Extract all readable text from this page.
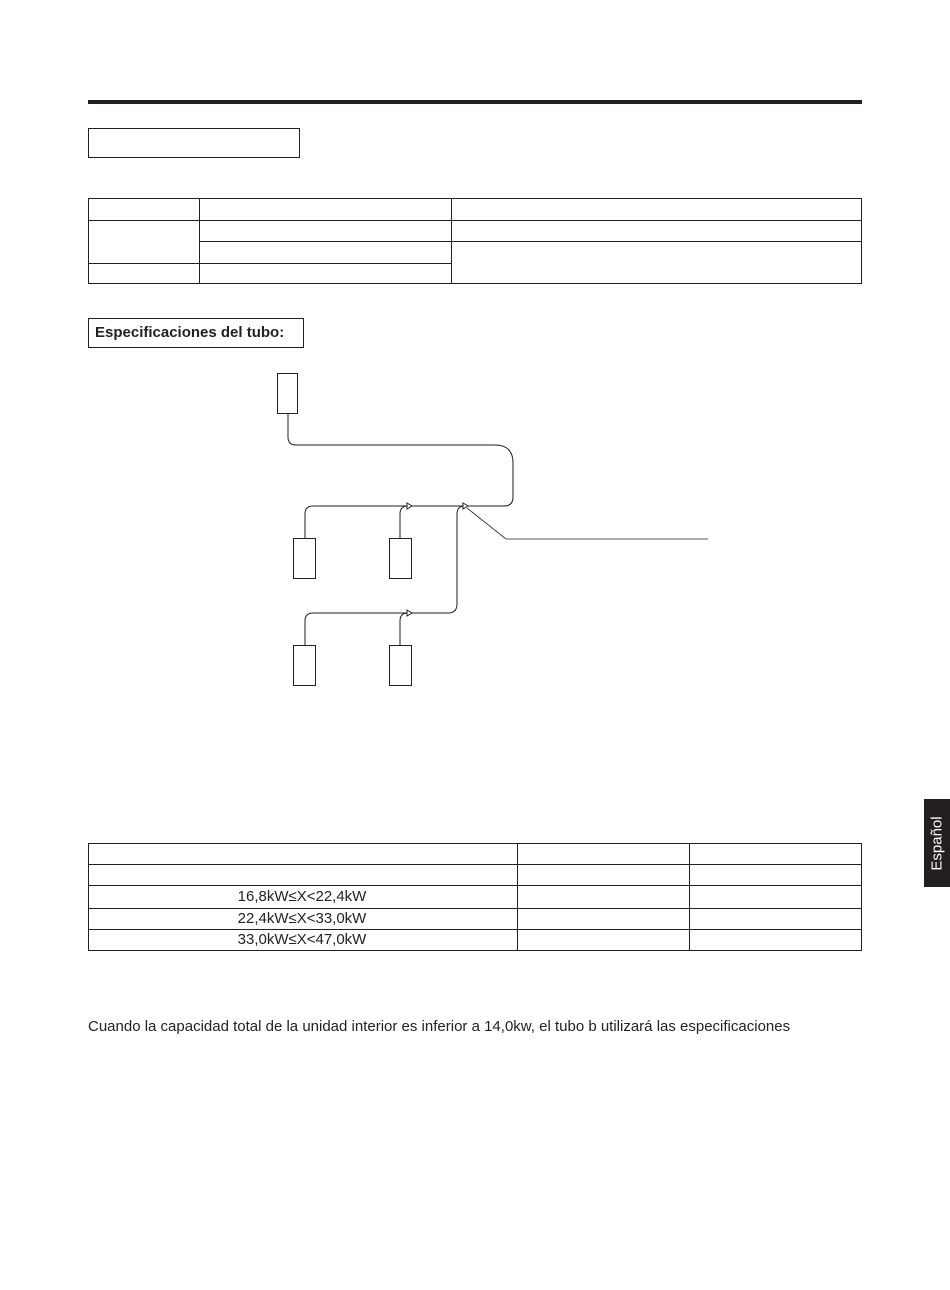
Especificaciones del tubo:
16,8kW≤X<22,4kW
22,4kW≤X<33,0kW
33,0kW≤X<47,0kW
Cuando la capacidad total de la unidad interior es inferior a 14,0kw, el tubo b utilizará las especificaciones
Español
